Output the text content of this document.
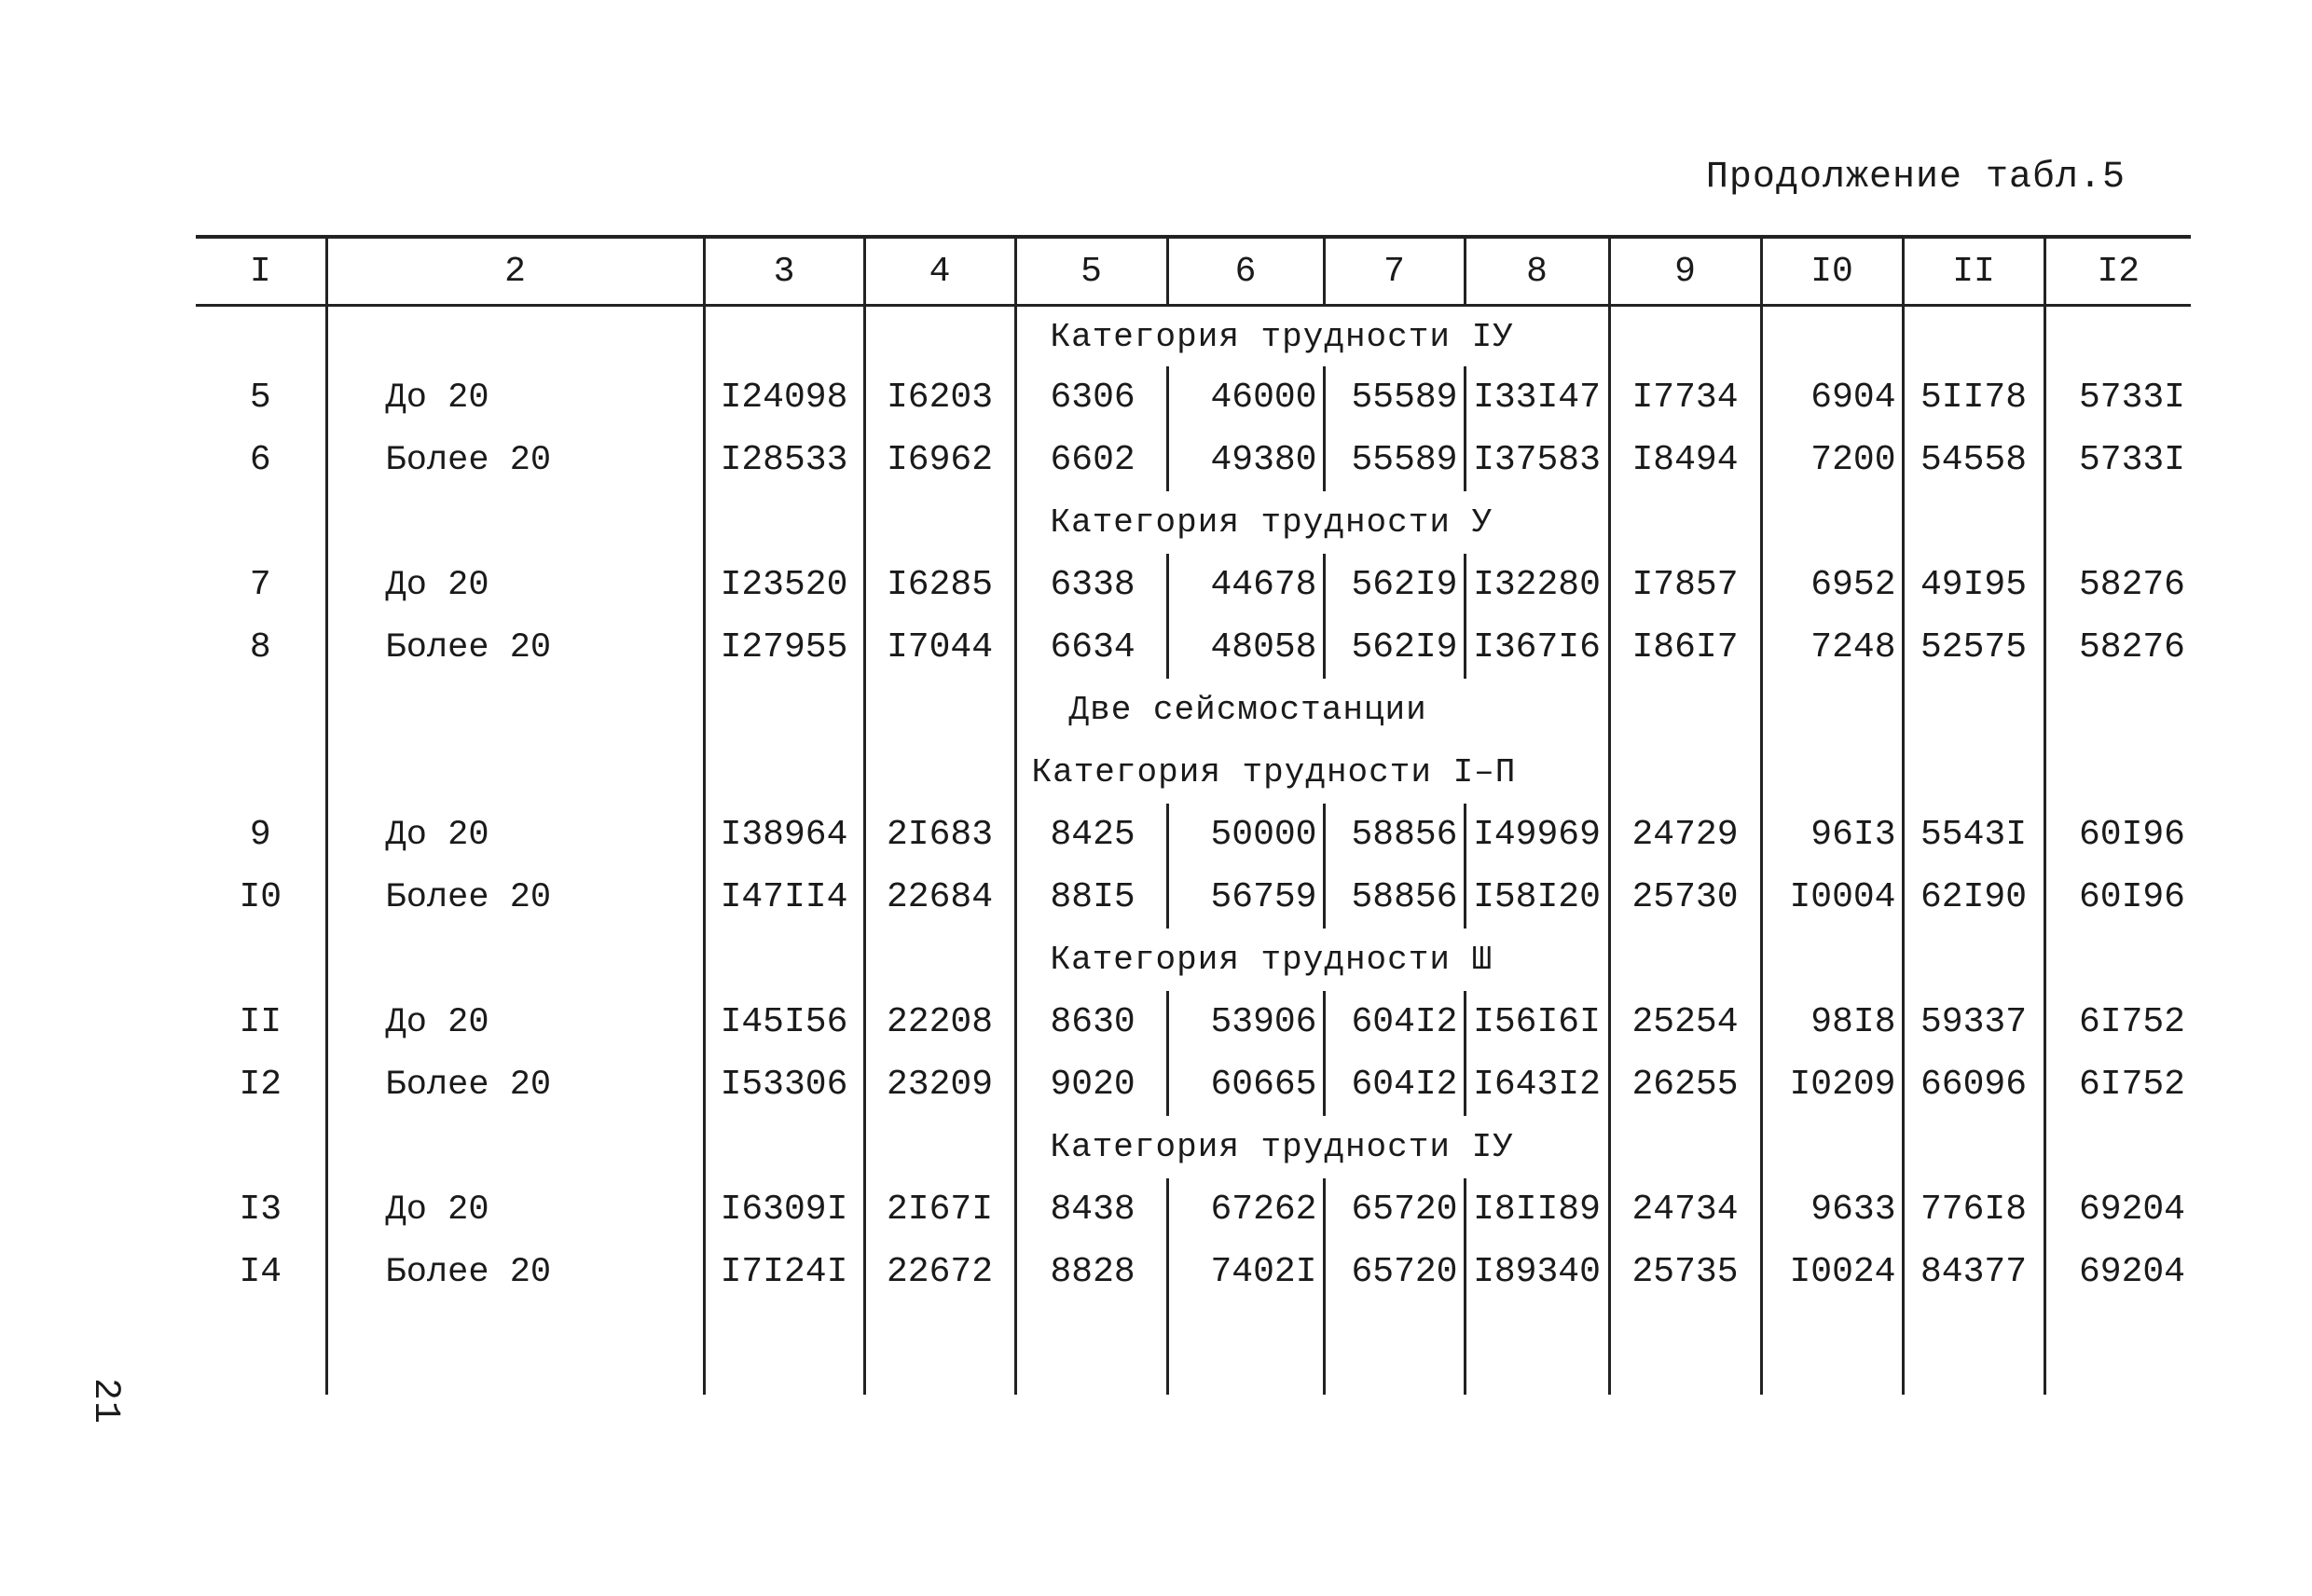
Продолжение табл.5
21
I	2	3	4	5	6	7	8	9	I0	II	I2
				Категория трудности IУ							
5	До 20	I24098	I6203	6306	46000	55589	I33I47	I7734	6904	5II78	5733I
6	Более 20	I28533	I6962	6602	49380	55589	I37583	I8494	7200	54558	5733I
				Категория трудности У							
7	До 20	I23520	I6285	6338	44678	562I9	I32280	I7857	6952	49I95	58276
8	Более 20	I27955	I7044	6634	48058	562I9	I367I6	I86I7	7248	52575	58276
				Две сейсмостанции							
				Категория трудности I–П							
9	До 20	I38964	2I683	8425	50000	58856	I49969	24729	96I3	5543I	60I96
I0	Более 20	I47II4	22684	88I5	56759	58856	I58I20	25730	I0004	62I90	60I96
				Категория трудности Ш							
II	До 20	I45I56	22208	8630	53906	604I2	I56I6I	25254	98I8	59337	6I752
I2	Более 20	I53306	23209	9020	60665	604I2	I643I2	26255	I0209	66096	6I752
				Категория трудности IУ							
I3	До 20	I6309I	2I67I	8438	67262	65720	I8II89	24734	9633	776I8	69204
I4	Более 20	I7I24I	22672	8828	7402I	65720	I89340	25735	I0024	84377	69204
